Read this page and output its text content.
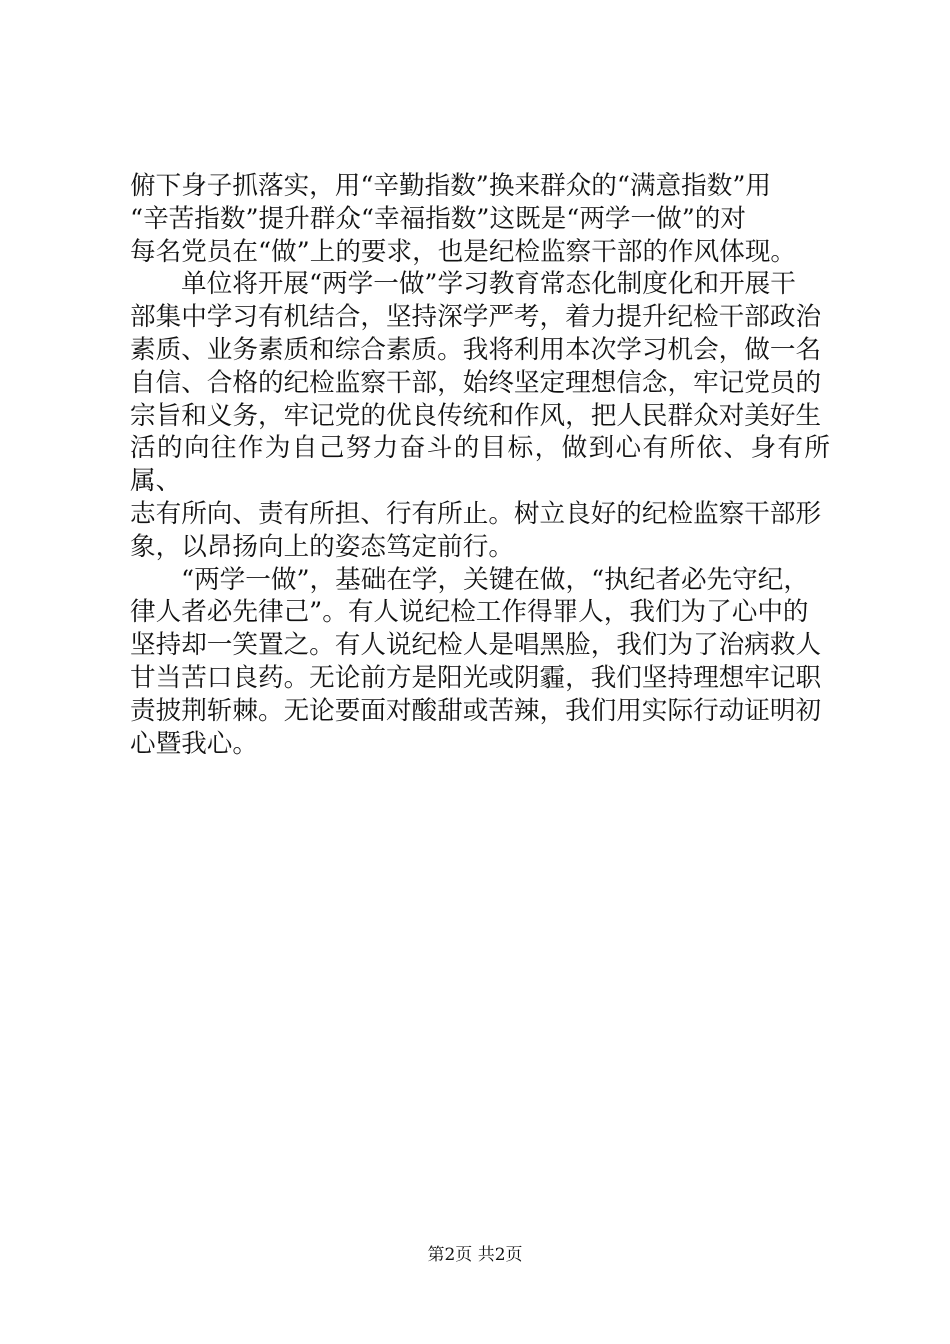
俯下身子抓落实，用“辛勤指数”换来群众的“满意指数”用
“辛苦指数”提升群众“幸福指数”这既是“两学一做”的对
每名党员在“做”上的要求，也是纪检监察干部的作风体现。

单位将开展“两学一做”学习教育常态化制度化和开展干
部集中学习有机结合，坚持深学严考，着力提升纪检干部政治
素质、业务素质和综合素质。我将利用本次学习机会，做一名
自信、合格的纪检监察干部，始终坚定理想信念，牢记党员的
宗旨和义务，牢记党的优良传统和作风，把人民群众对美好生
活的向往作为自己努力奋斗的目标，做到心有所依、身有所属、
志有所向、责有所担、行有所止。树立良好的纪检监察干部形
象，以昂扬向上的姿态笃定前行。

“两学一做”，基础在学，关键在做，“执纪者必先守纪，
律人者必先律己”。有人说纪检工作得罪人，我们为了心中的
坚持却一笑置之。有人说纪检人是唱黑脸，我们为了治病救人
甘当苦口良药。无论前方是阳光或阴霾，我们坚持理想牢记职
责披荆斩棘。无论要面对酸甜或苦辣，我们用实际行动证明初
心暨我心。

第2页 共2页
